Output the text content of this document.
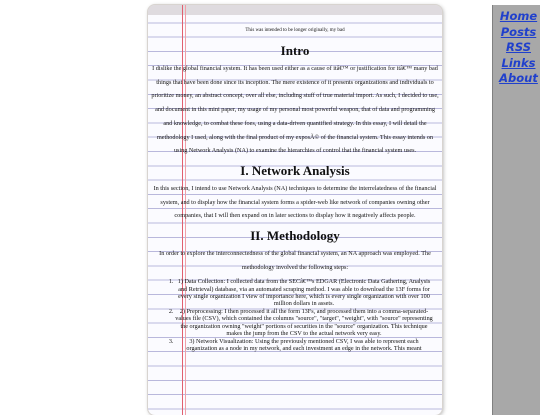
This was intended to be longer originally, my bad
Intro

I dislike the global financial system. It has been used either as a cause of itâ€™ or justification for itâ€™ many bad things that have been done since its inception. The mere existence of it presents organizations and individuals to prioritize money, an abstract concept, over all else, including stuff of true material import. As such, I decided to use, and document in this mini paper, my usage of my personal most powerful weapon, that of data and programming and knowledge, to combat these foes, using a data-driven quantified strategy. In this essay, I will detail the methodology I used, along with the final product of my exposÃ© of the financial system. This essay intends on using Network Analysis (NA) to examine the hierarchies of control that the financial system uses.

I. Network Analysis

In this section, I intend to use Network Analysis (NA) techniques to determine the interrelatedness of the financial system, and to display how the financial system forms a spider-web like network of companies owning other companies, that I will then expand on in later sections to display how it negatively affects people.

II. Methodology

In order to explore the interconnectedness of the global financial system, an NA approach was employed. The methodology involved the following steps:

1. 1) Data Collection: I collected data from the SECâ€™s EDGAR (Electronic Data Gathering, Analysis and Retrieval) database, via an automated scraping method. I was able to download the 13F forms for every single organization I view of importance here, which is every single organization with over 100 million dollars in assets.
2. 2) Preprocessing: I then processed it all the form 13Fs, and processed them into a comma-separated-values file (CSV), which contained the columns "source", "target", "weight", with "source" representing the organization owning "weight" portions of securities in the "source" organization. This technique makes the jump from the CSV to the actual network very easy.
3. 3) Network Visualization: Using the previously mentioned CSV, I was able to represent each organization as a node in my network, and each investment an edge in the network. This meant
Home
Posts
RSS
Links
About
